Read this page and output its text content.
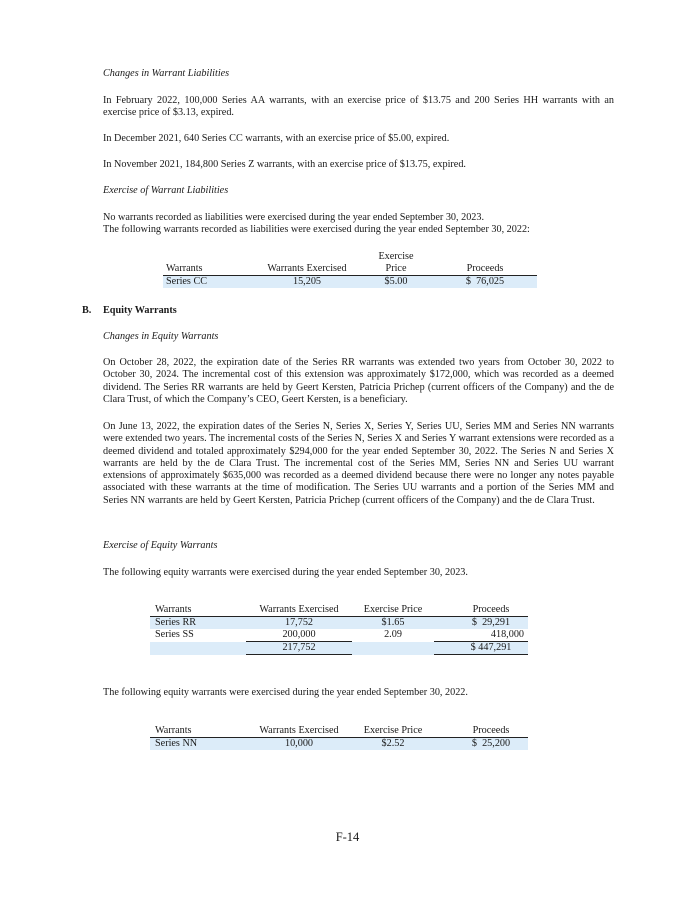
Changes in Warrant Liabilities
In February 2022, 100,000 Series AA warrants, with an exercise price of $13.75 and 200 Series HH warrants with an exercise price of $3.13, expired.
In December 2021, 640 Series CC warrants, with an exercise price of $5.00, expired.
In November 2021, 184,800 Series Z warrants, with an exercise price of $13.75, expired.
Exercise of Warrant Liabilities
No warrants recorded as liabilities were exercised during the year ended September 30, 2023.
The following warrants recorded as liabilities were exercised during the year ended September 30, 2022:
		Exercise	
Warrants	Warrants Exercised	Price	Proceeds
Series CC	15,205	$5.00	$  76,025
B. Equity Warrants
Changes in Equity Warrants
On October 28, 2022, the expiration date of the Series RR warrants was extended two years from October 30, 2022 to October 30, 2024. The incremental cost of this extension was approximately $172,000, which was recorded as a deemed dividend. The Series RR warrants are held by Geert Kersten, Patricia Prichep (current officers of the Company) and the de Clara Trust, of which the Company’s CEO, Geert Kersten, is a beneficiary.
On June 13, 2022, the expiration dates of the Series N, Series X, Series Y, Series UU, Series MM and Series NN warrants were extended two years. The incremental costs of the Series N, Series X and Series Y warrant extensions were recorded as a deemed dividend and totaled approximately $294,000 for the year ended September 30, 2022. The Series N and Series X warrants are held by the de Clara Trust. The incremental cost of the Series MM, Series NN and Series UU warrant extensions of approximately $635,000 was recorded as a deemed dividend because there were no longer any notes payable associated with these warrants at the time of modification. The Series UU warrants and a portion of the Series MM and Series NN warrants are held by Geert Kersten, Patricia Prichep (current officers of the Company) and the de Clara Trust.
Exercise of Equity Warrants
The following equity warrants were exercised during the year ended September 30, 2023.
Warrants	Warrants Exercised	Exercise Price	Proceeds
Series RR	17,752	$1.65	$  29,291
Series SS	200,000	2.09	418,000
	217,752		$ 447,291
The following equity warrants were exercised during the year ended September 30, 2022.
Warrants	Warrants Exercised	Exercise Price	Proceeds
Series NN	10,000	$2.52	$  25,200
F-14
